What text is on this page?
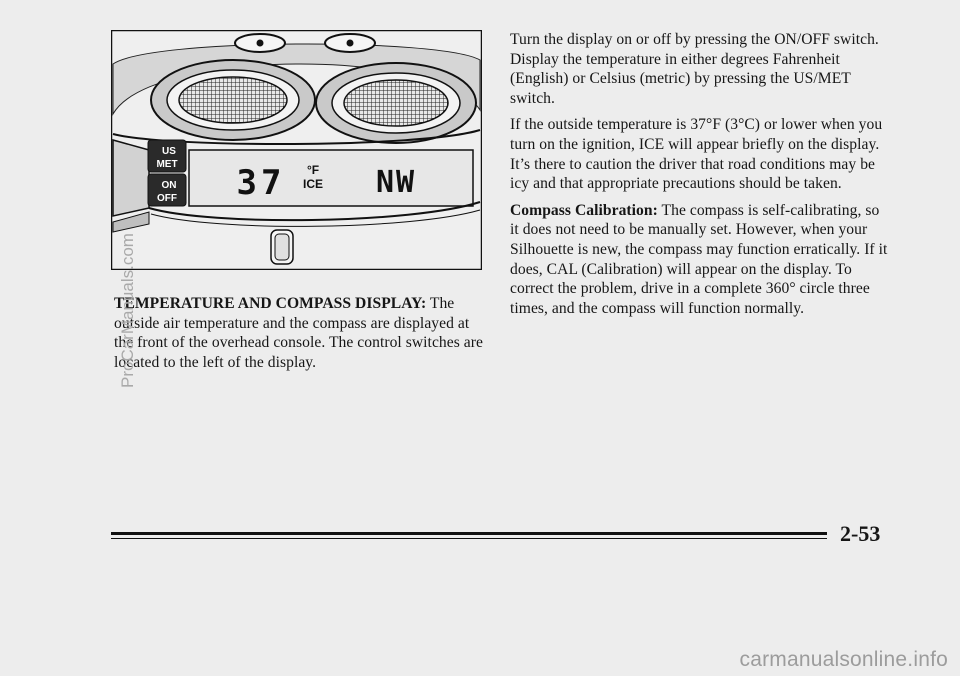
US
MET
ON
OFF 37 °F
ICE NW

TEMPERATURE AND COMPASS DISPLAY: The outside air temperature and the compass are displayed at the front of the overhead console. The control switches are located to the left of the display.

Turn the display on or off by pressing the ON/OFF switch. Display the temperature in either degrees Fahrenheit (English) or Celsius (metric) by pressing the US/MET switch.

If the outside temperature is 37°F (3°C) or lower when you turn on the ignition, ICE will appear briefly on the display. It’s there to caution the driver that road conditions may be icy and that appropriate precautions should be taken.

Compass Calibration: The compass is self-calibrating, so it does not need to be manually set. However, when your Silhouette is new, the compass may function erratically. If it does, CAL (Calibration) will appear on the display. To correct the problem, drive in a complete 360° circle three times, and the compass will function normally.

2-53
ProCarManuals.com
carmanualsonline.info
